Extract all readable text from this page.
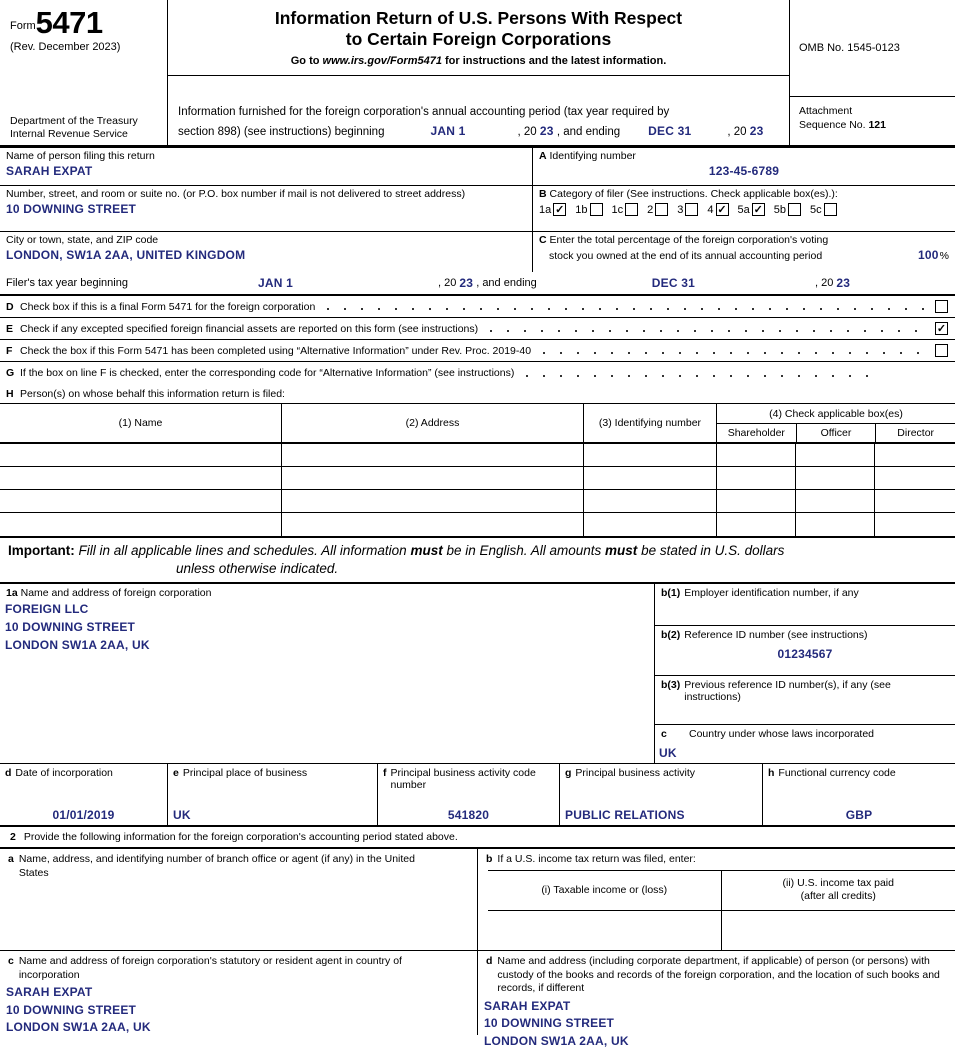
Form 5471
(Rev. December 2023)
Department of the Treasury
Internal Revenue Service
Information Return of U.S. Persons With Respect
to Certain Foreign Corporations
Go to www.irs.gov/Form5471 for instructions and the latest information.
Information furnished for the foreign corporation's annual accounting period (tax year required by
section 898) (see instructions) beginning	JAN 1	, 20
23
, and ending DEC 31	, 20
23
OMB No. 1545-0123
Attachment
Sequence No. 121
Name of person filing this return
SARAH EXPAT
Number, street, and room or suite no. (or P.O. box number if mail is not delivered to street address)
10 DOWNING STREET
City or town, state, and ZIP code
LONDON, SW1A 2AA, UNITED KINGDOM
A Identifying number
123-45-6789
B Category of filer (See instructions. Check applicable box(es).):
1a ✓ 1b 1c 2 3 4 ✓ 5a ✓ 5b 5c
C Enter the total percentage of the foreign corporation's voting
stock you owned at the end of its annual accounting period	100 %
Filer's tax year beginning	JAN 1	, 20
23
, and ending	DEC 31	, 20
23
D Check box if this is a final Form 5471 for the foreign corporation
E Check if any excepted specified foreign financial assets are reported on this form (see instructions)	✓
F Check the box if this Form 5471 has been completed using “Alternative Information” under Rev. Proc. 2019-40
G If the box on line F is checked, enter the corresponding code for “Alternative Information” (see instructions)
H Person(s) on whose behalf this information return is filed:
(1) Name	(2) Address	(3) Identifying number
(4) Check applicable box(es)
Shareholder	Officer	Director
Important: Fill in all applicable lines and schedules. All information must be in English. All amounts must be stated in U.S. dollars
unless otherwise indicated.
1a Name and address of foreign corporation
FOREIGN LLC
10 DOWNING STREET
LONDON SW1A 2AA, UK
b(1) Employer identification number, if any
b(2) Reference ID number (see instructions)
01234567
b(3) Previous reference ID number(s), if any (see instructions)
c	Country under whose laws incorporated
UK
d Date of incorporation
01/01/2019
e Principal place of business
UK
f Principal business activity code number
541820
g Principal business activity
PUBLIC RELATIONS
h Functional currency code
GBP
2 Provide the following information for the foreign corporation's accounting period stated above.
a Name, address, and identifying number of branch office or agent (if any) in the United States
b If a U.S. income tax return was filed, enter:
(i) Taxable income or (loss)
(ii) U.S. income tax paid
(after all credits)
c Name and address of foreign corporation's statutory or resident agent in country of incorporation
SARAH EXPAT
10 DOWNING STREET
LONDON SW1A 2AA, UK
d Name and address (including corporate department, if applicable) of person (or persons) with custody of the books and records of the foreign corporation, and the location of such books and records, if different
SARAH EXPAT
10 DOWNING STREET
LONDON SW1A 2AA, UK
